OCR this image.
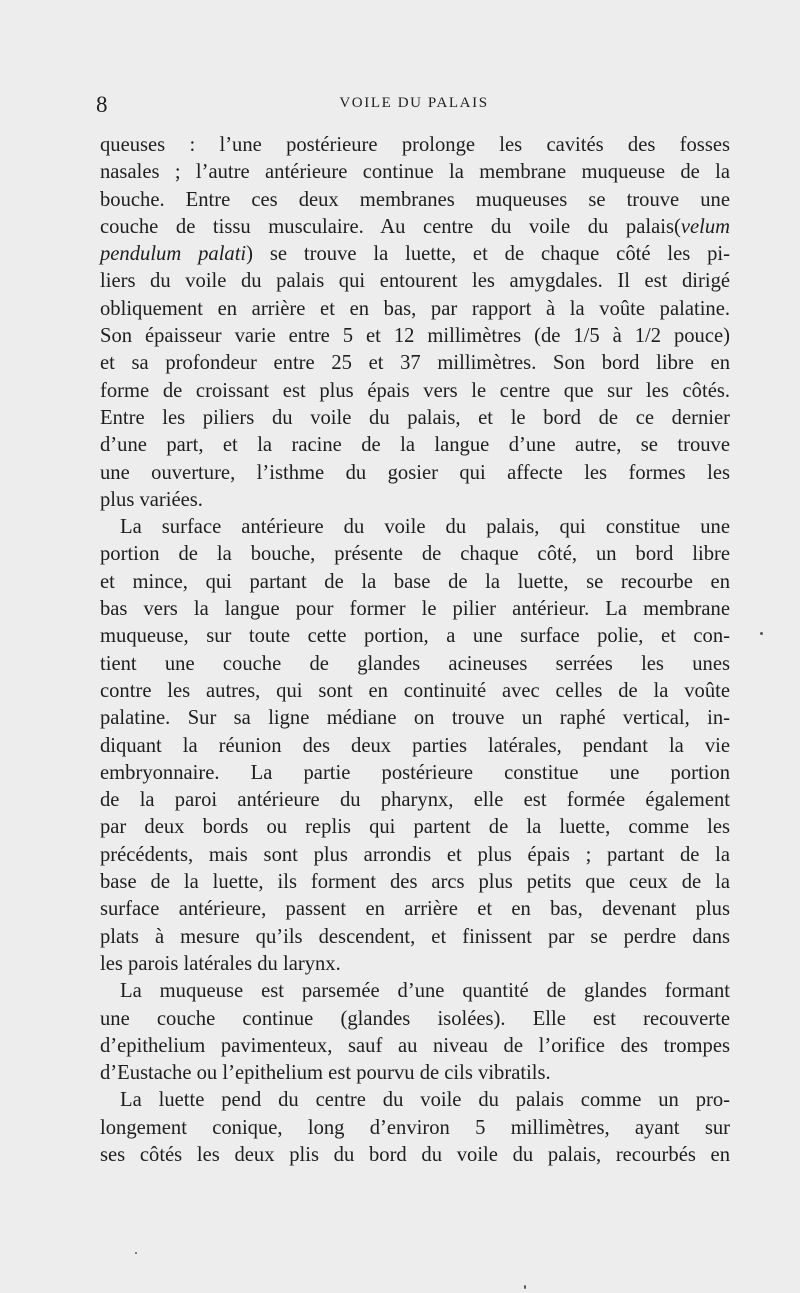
8	VOILE DU PALAIS
queuses : l’une postérieure prolonge les cavités des fosses
nasales ; l’autre antérieure continue la membrane muqueuse de la
bouche. Entre ces deux membranes muqueuses se trouve une
couche de tissu musculaire. Au centre du voile du palais(velum
pendulum palati) se trouve la luette, et de chaque côté les pi-
liers du voile du palais qui entourent les amygdales. Il est dirigé
obliquement en arrière et en bas, par rapport à la voûte palatine.
Son épaisseur varie entre 5 et 12 millimètres (de 1/5 à 1/2 pouce)
et sa profondeur entre 25 et 37 millimètres. Son bord libre en
forme de croissant est plus épais vers le centre que sur les côtés.
Entre les piliers du voile du palais, et le bord de ce dernier
d’une part, et la racine de la langue d’une autre, se trouve
une ouverture, l’isthme du gosier qui affecte les formes les
plus variées.
La surface antérieure du voile du palais, qui constitue une
portion de la bouche, présente de chaque côté, un bord libre
et mince, qui partant de la base de la luette, se recourbe en
bas vers la langue pour former le pilier antérieur. La membrane
muqueuse, sur toute cette portion, a une surface polie, et con-
tient une couche de glandes acineuses serrées les unes
contre les autres, qui sont en continuité avec celles de la voûte
palatine. Sur sa ligne médiane on trouve un raphé vertical, in-
diquant la réunion des deux parties latérales, pendant la vie
embryonnaire. La partie postérieure constitue une portion
de la paroi antérieure du pharynx, elle est formée également
par deux bords ou replis qui partent de la luette, comme les
précédents, mais sont plus arrondis et plus épais ; partant de la
base de la luette, ils forment des arcs plus petits que ceux de la
surface antérieure, passent en arrière et en bas, devenant plus
plats à mesure qu’ils descendent, et finissent par se perdre dans
les parois latérales du larynx.
La muqueuse est parsemée d’une quantité de glandes formant
une couche continue (glandes isolées). Elle est recouverte
d’epithelium pavimenteux, sauf au niveau de l’orifice des trompes
d’Eustache ou l’epithelium est pourvu de cils vibratils.
La luette pend du centre du voile du palais comme un pro-
longement conique, long d’environ 5 millimètres, ayant sur
ses côtés les deux plis du bord du voile du palais, recourbés en
